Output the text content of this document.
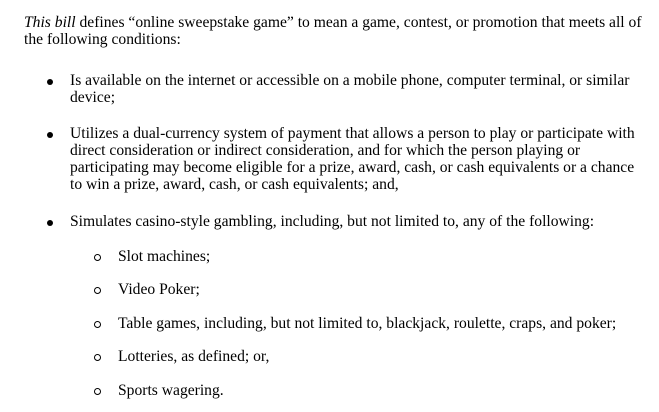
This bill defines “online sweepstake game” to mean a game, contest, or promotion that meets all of the following conditions:

Is available on the internet or accessible on a mobile phone, computer terminal, or similar device;
Utilizes a dual-currency system of payment that allows a person to play or participate with direct consideration or indirect consideration, and for which the person playing or participating may become eligible for a prize, award, cash, or cash equivalents or a chance to win a prize, award, cash, or cash equivalents; and,
Simulates casino-style gambling, including, but not limited to, any of the following:
Slot machines;
Video Poker;
Table games, including, but not limited to, blackjack, roulette, craps, and poker;
Lotteries, as defined; or,
Sports wagering.
